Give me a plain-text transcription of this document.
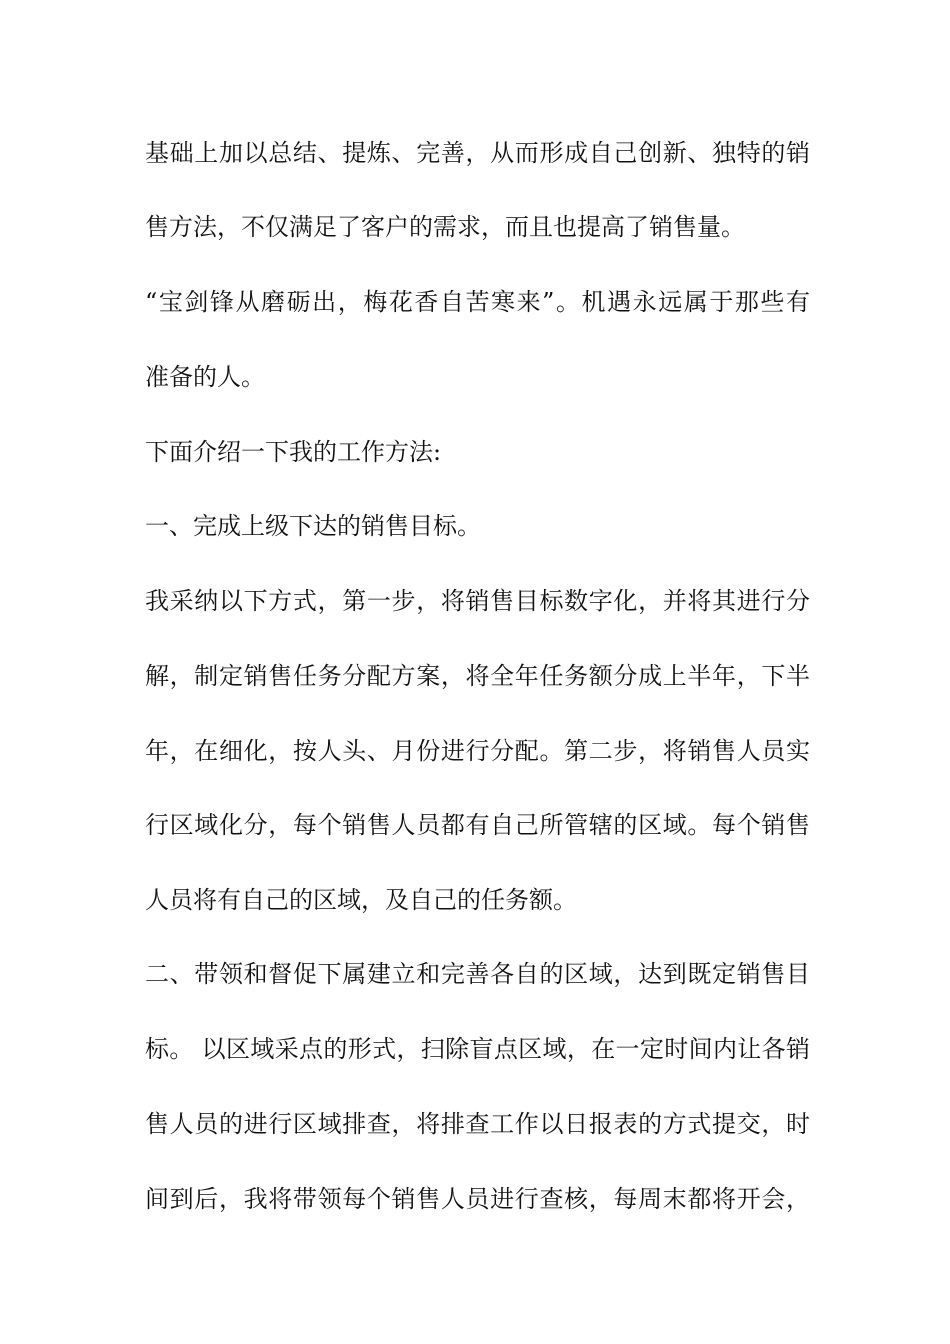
基础上加以总结、提炼、完善，从而形成自己创新、独特的销
售方法，不仅满足了客户的需求，而且也提高了销售量。
“宝剑锋从磨砺出，梅花香自苦寒来”。机遇永远属于那些有
准备的人。
下面介绍一下我的工作方法:
一、完成上级下达的销售目标。
我采纳以下方式，第一步，将销售目标数字化，并将其进行分
解，制定销售任务分配方案，将全年任务额分成上半年，下半
年，在细化，按人头、月份进行分配。第二步，将销售人员实
行区域化分，每个销售人员都有自己所管辖的区域。每个销售
人员将有自己的区域，及自己的任务额。
二、带领和督促下属建立和完善各自的区域，达到既定销售目
标。 以区域采点的形式，扫除盲点区域，在一定时间内让各销
售人员的进行区域排查，将排查工作以日报表的方式提交，时
间到后，我将带领每个销售人员进行查核，每周末都将开会，
